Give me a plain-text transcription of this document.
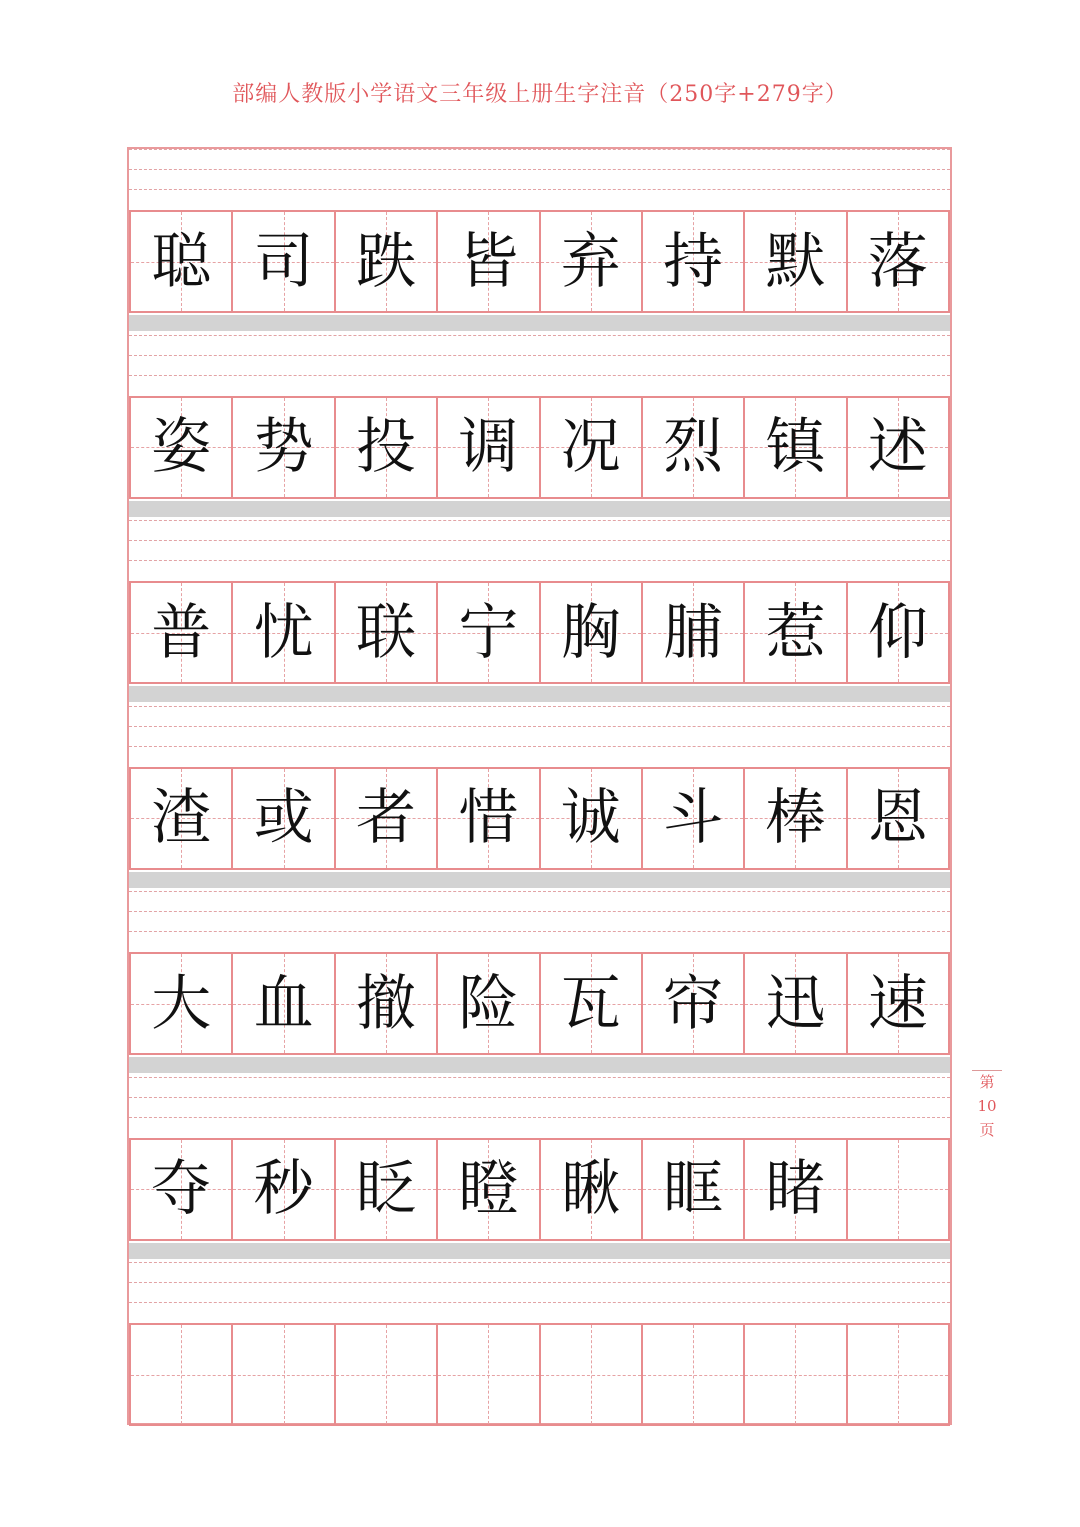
部编人教版小学语文三年级上册生字注音（250字+279字）
聪 司 跌 皆 弃 持 默 落
姿 势 投 调 况 烈 镇 述
普 忧 联 宁 胸 脯 惹 仰
渣 或 者 惜 诚 斗 棒 恩
大 血 撤 险 瓦 帘 迅 速
夺 秒 眨 瞪 瞅 眶 睹
第
10
页
